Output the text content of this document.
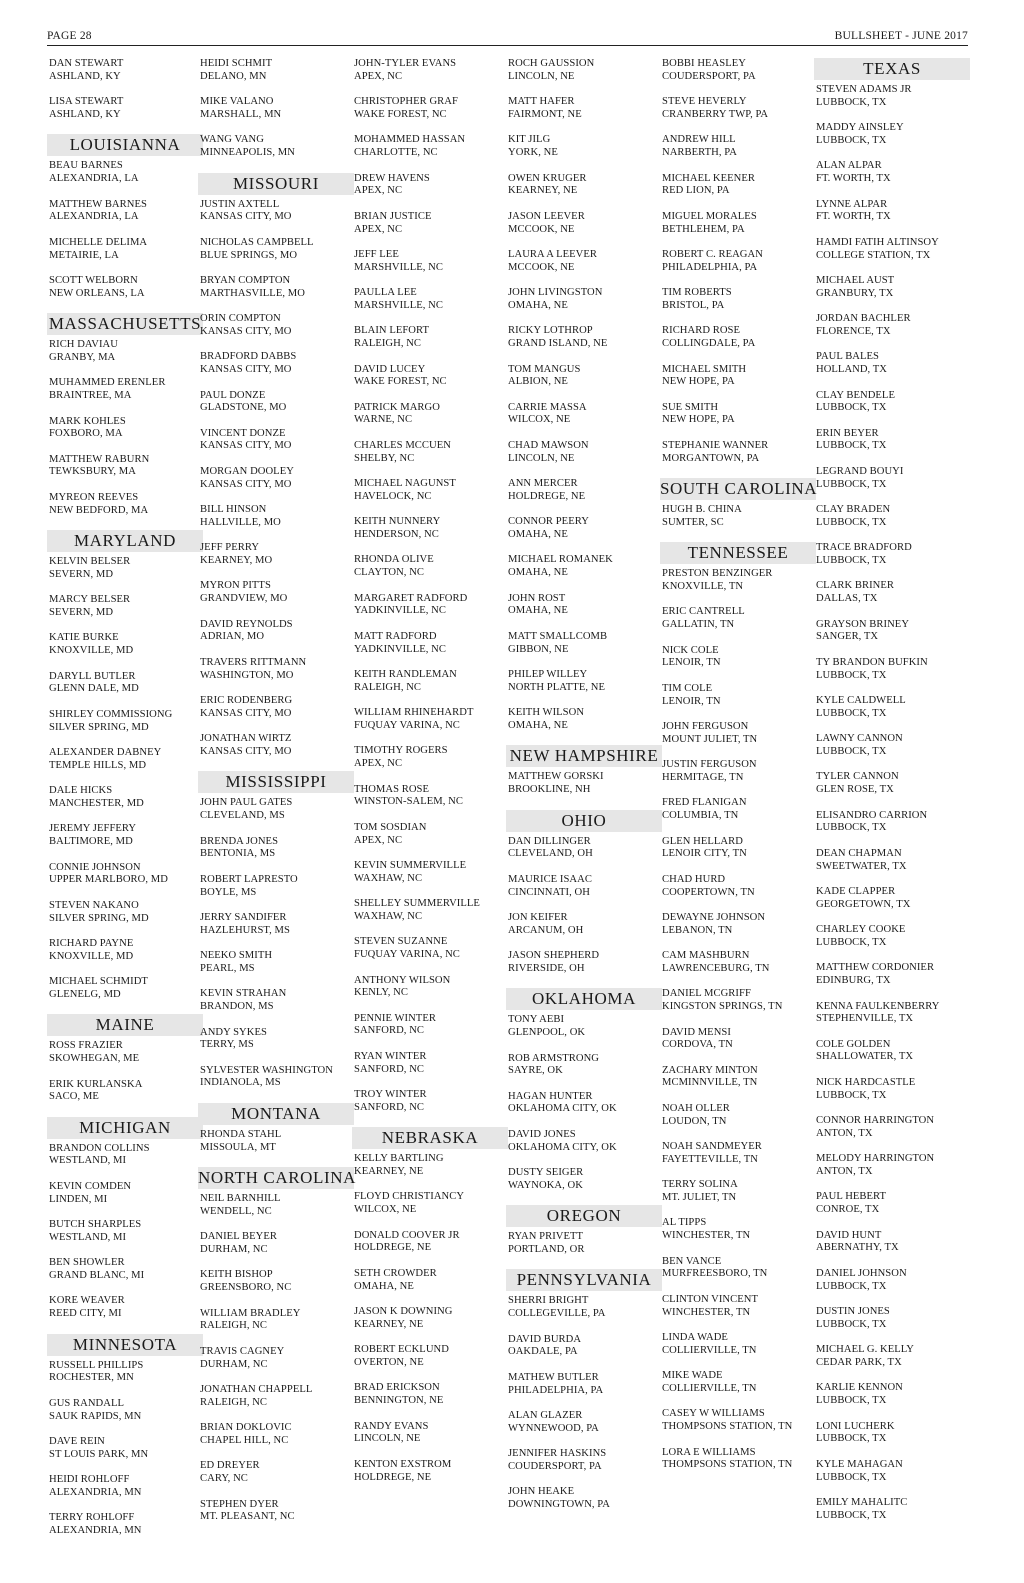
PAGE 28	BULLSHEET - JUNE 2017
DAN STEWART
ASHLAND, KY
LISA STEWART
ASHLAND, KY
LOUISIANNA
BEAU BARNES
ALEXANDRIA, LA
MATTHEW BARNES
ALEXANDRIA, LA
MICHELLE DELIMA
METAIRIE, LA
SCOTT WELBORN
NEW ORLEANS, LA
MASSACHUSETTS
RICH DAVIAU
GRANBY, MA
MUHAMMED ERENLER
BRAINTREE, MA
MARK KOHLES
FOXBORO, MA
MATTHEW RABURN
TEWKSBURY, MA
MYREON REEVES
NEW BEDFORD, MA
MARYLAND
KELVIN BELSER
SEVERN, MD
MARCY BELSER
SEVERN, MD
KATIE BURKE
KNOXVILLE, MD
DARYLL BUTLER
GLENN DALE, MD
SHIRLEY COMMISSIONG
SILVER SPRING, MD
ALEXANDER DABNEY
TEMPLE HILLS, MD
DALE HICKS
MANCHESTER, MD
JEREMY JEFFERY
BALTIMORE, MD
CONNIE JOHNSON
UPPER MARLBORO, MD
STEVEN NAKANO
SILVER SPRING, MD
RICHARD PAYNE
KNOXVILLE, MD
MICHAEL SCHMIDT
GLENELG, MD
MAINE
ROSS FRAZIER
SKOWHEGAN, ME
ERIK KURLANSKA
SACO, ME
MICHIGAN
BRANDON COLLINS
WESTLAND, MI
KEVIN COMDEN
LINDEN, MI
BUTCH SHARPLES
WESTLAND, MI
BEN SHOWLER
GRAND BLANC, MI
KORE WEAVER
REED CITY, MI
MINNESOTA
RUSSELL PHILLIPS
ROCHESTER, MN
GUS RANDALL
SAUK RAPIDS, MN
DAVE REIN
ST LOUIS PARK, MN
HEIDI ROHLOFF
ALEXANDRIA, MN
TERRY ROHLOFF
ALEXANDRIA, MN
HEIDI SCHMIT
DELANO, MN
MIKE VALANO
MARSHALL, MN
WANG VANG
MINNEAPOLIS, MN
MISSOURI
JUSTIN AXTELL
KANSAS CITY, MO
NICHOLAS CAMPBELL
BLUE SPRINGS, MO
BRYAN COMPTON
MARTHASVILLE, MO
ORIN COMPTON
KANSAS CITY, MO
BRADFORD DABBS
KANSAS CITY, MO
PAUL DONZE
GLADSTONE, MO
VINCENT DONZE
KANSAS CITY, MO
MORGAN DOOLEY
KANSAS CITY, MO
BILL HINSON
HALLVILLE, MO
JEFF PERRY
KEARNEY, MO
MYRON PITTS
GRANDVIEW, MO
DAVID REYNOLDS
ADRIAN, MO
TRAVERS RITTMANN
WASHINGTON, MO
ERIC RODENBERG
KANSAS CITY, MO
JONATHAN WIRTZ
KANSAS CITY, MO
MISSISSIPPI
JOHN PAUL GATES
CLEVELAND, MS
BRENDA JONES
BENTONIA, MS
ROBERT LAPRESTO
BOYLE, MS
JERRY SANDIFER
HAZLEHURST, MS
NEEKO SMITH
PEARL, MS
KEVIN STRAHAN
BRANDON, MS
ANDY SYKES
TERRY, MS
SYLVESTER WASHINGTON
INDIANOLA, MS
MONTANA
RHONDA STAHL
MISSOULA, MT
NORTH CAROLINA
NEIL BARNHILL
WENDELL, NC
DANIEL BEYER
DURHAM, NC
KEITH BISHOP
GREENSBORO, NC
WILLIAM BRADLEY
RALEIGH, NC
TRAVIS CAGNEY
DURHAM, NC
JONATHAN CHAPPELL
RALEIGH, NC
BRIAN DOKLOVIC
CHAPEL HILL, NC
ED DREYER
CARY, NC
STEPHEN DYER
MT. PLEASANT, NC
JOHN-TYLER EVANS
APEX, NC
CHRISTOPHER GRAF
WAKE FOREST, NC
MOHAMMED HASSAN
CHARLOTTE, NC
DREW HAVENS
APEX, NC
BRIAN JUSTICE
APEX, NC
JEFF LEE
MARSHVILLE, NC
PAULLA LEE
MARSHVILLE, NC
BLAIN LEFORT
RALEIGH, NC
DAVID LUCEY
WAKE FOREST, NC
PATRICK MARGO
WARNE, NC
CHARLES MCCUEN
SHELBY, NC
MICHAEL NAGUNST
HAVELOCK, NC
KEITH NUNNERY
HENDERSON, NC
RHONDA OLIVE
CLAYTON, NC
MARGARET RADFORD
YADKINVILLE, NC
MATT RADFORD
YADKINVILLE, NC
KEITH RANDLEMAN
RALEIGH, NC
WILLIAM RHINEHARDT
FUQUAY VARINA, NC
TIMOTHY ROGERS
APEX, NC
THOMAS ROSE
WINSTON-SALEM, NC
TOM SOSDIAN
APEX, NC
KEVIN SUMMERVILLE
WAXHAW, NC
SHELLEY SUMMERVILLE
WAXHAW, NC
STEVEN SUZANNE
FUQUAY VARINA, NC
ANTHONY WILSON
KENLY, NC
PENNIE WINTER
SANFORD, NC
RYAN WINTER
SANFORD, NC
TROY WINTER
SANFORD, NC
NEBRASKA
KELLY BARTLING
KEARNEY, NE
FLOYD CHRISTIANCY
WILCOX, NE
DONALD COOVER JR
HOLDREGE, NE
SETH CROWDER
OMAHA, NE
JASON K DOWNING
KEARNEY, NE
ROBERT ECKLUND
OVERTON, NE
BRAD ERICKSON
BENNINGTON, NE
RANDY EVANS
LINCOLN, NE
KENTON EXSTROM
HOLDREGE, NE
ROCH GAUSSION
LINCOLN, NE
MATT HAFER
FAIRMONT, NE
KIT JILG
YORK, NE
OWEN KRUGER
KEARNEY, NE
JASON LEEVER
MCCOOK, NE
LAURA A LEEVER
MCCOOK, NE
JOHN LIVINGSTON
OMAHA, NE
RICKY LOTHROP
GRAND ISLAND, NE
TOM MANGUS
ALBION, NE
CARRIE MASSA
WILCOX, NE
CHAD MAWSON
LINCOLN, NE
ANN MERCER
HOLDREGE, NE
CONNOR PEERY
OMAHA, NE
MICHAEL ROMANEK
OMAHA, NE
JOHN ROST
OMAHA, NE
MATT SMALLCOMB
GIBBON, NE
PHILEP WILLEY
NORTH PLATTE, NE
KEITH WILSON
OMAHA, NE
NEW HAMPSHIRE
MATTHEW GORSKI
BROOKLINE, NH
OHIO
DAN DILLINGER
CLEVELAND, OH
MAURICE ISAAC
CINCINNATI, OH
JON KEIFER
ARCANUM, OH
JASON SHEPHERD
RIVERSIDE, OH
OKLAHOMA
TONY AEBI
GLENPOOL, OK
ROB ARMSTRONG
SAYRE, OK
HAGAN HUNTER
OKLAHOMA CITY, OK
DAVID JONES
OKLAHOMA CITY, OK
DUSTY SEIGER
WAYNOKA, OK
OREGON
RYAN PRIVETT
PORTLAND, OR
PENNSYLVANIA
SHERRI BRIGHT
COLLEGEVILLE, PA
DAVID BURDA
OAKDALE, PA
MATHEW BUTLER
PHILADELPHIA, PA
ALAN GLAZER
WYNNEWOOD, PA
JENNIFER HASKINS
COUDERSPORT, PA
JOHN HEAKE
DOWNINGTOWN, PA
BOBBI HEASLEY
COUDERSPORT, PA
STEVE HEVERLY
CRANBERRY TWP, PA
ANDREW HILL
NARBERTH, PA
MICHAEL KEENER
RED LION, PA
MIGUEL MORALES
BETHLEHEM, PA
ROBERT C. REAGAN
PHILADELPHIA, PA
TIM ROBERTS
BRISTOL, PA
RICHARD ROSE
COLLINGDALE, PA
MICHAEL SMITH
NEW HOPE, PA
SUE SMITH
NEW HOPE, PA
STEPHANIE WANNER
MORGANTOWN, PA
SOUTH CAROLINA
HUGH B. CHINA
SUMTER, SC
TENNESSEE
PRESTON BENZINGER
KNOXVILLE, TN
ERIC CANTRELL
GALLATIN, TN
NICK COLE
LENOIR, TN
TIM COLE
LENOIR, TN
JOHN FERGUSON
MOUNT JULIET, TN
JUSTIN FERGUSON
HERMITAGE, TN
FRED FLANIGAN
COLUMBIA, TN
GLEN HELLARD
LENOIR CITY, TN
CHAD HURD
COOPERTOWN, TN
DEWAYNE JOHNSON
LEBANON, TN
CAM MASHBURN
LAWRENCEBURG, TN
DANIEL MCGRIFF
KINGSTON SPRINGS, TN
DAVID MENSI
CORDOVA, TN
ZACHARY MINTON
MCMINNVILLE, TN
NOAH OLLER
LOUDON, TN
NOAH SANDMEYER
FAYETTEVILLE, TN
TERRY SOLINA
MT. JULIET, TN
AL TIPPS
WINCHESTER, TN
BEN VANCE
MURFREESBORO, TN
CLINTON VINCENT
WINCHESTER, TN
LINDA WADE
COLLIERVILLE, TN
MIKE WADE
COLLIERVILLE, TN
CASEY W WILLIAMS
THOMPSONS STATION, TN
LORA E WILLIAMS
THOMPSONS STATION, TN
TEXAS
STEVEN ADAMS JR
LUBBOCK, TX
MADDY AINSLEY
LUBBOCK, TX
ALAN ALPAR
FT. WORTH, TX
LYNNE ALPAR
FT. WORTH, TX
HAMDI FATIH ALTINSOY
COLLEGE STATION, TX
MICHAEL AUST
GRANBURY, TX
JORDAN BACHLER
FLORENCE, TX
PAUL BALES
HOLLAND, TX
CLAY BENDELE
LUBBOCK, TX
ERIN BEYER
LUBBOCK, TX
LEGRAND BOUYI
LUBBOCK, TX
CLAY BRADEN
LUBBOCK, TX
TRACE BRADFORD
LUBBOCK, TX
CLARK BRINER
DALLAS, TX
GRAYSON BRINEY
SANGER, TX
TY BRANDON BUFKIN
LUBBOCK, TX
KYLE CALDWELL
LUBBOCK, TX
LAWNY CANNON
LUBBOCK, TX
TYLER CANNON
GLEN ROSE, TX
ELISANDRO CARRION
LUBBOCK, TX
DEAN CHAPMAN
SWEETWATER, TX
KADE CLAPPER
GEORGETOWN, TX
CHARLEY COOKE
LUBBOCK, TX
MATTHEW CORDONIER
EDINBURG, TX
KENNA FAULKENBERRY
STEPHENVILLE, TX
COLE GOLDEN
SHALLOWATER, TX
NICK HARDCASTLE
LUBBOCK, TX
CONNOR HARRINGTON
ANTON, TX
MELODY HARRINGTON
ANTON, TX
PAUL HEBERT
CONROE, TX
DAVID HUNT
ABERNATHY, TX
DANIEL JOHNSON
LUBBOCK, TX
DUSTIN JONES
LUBBOCK, TX
MICHAEL G. KELLY
CEDAR PARK, TX
KARLIE KENNON
LUBBOCK, TX
LONI LUCHERK
LUBBOCK, TX
KYLE MAHAGAN
LUBBOCK, TX
EMILY MAHALITC
LUBBOCK, TX
